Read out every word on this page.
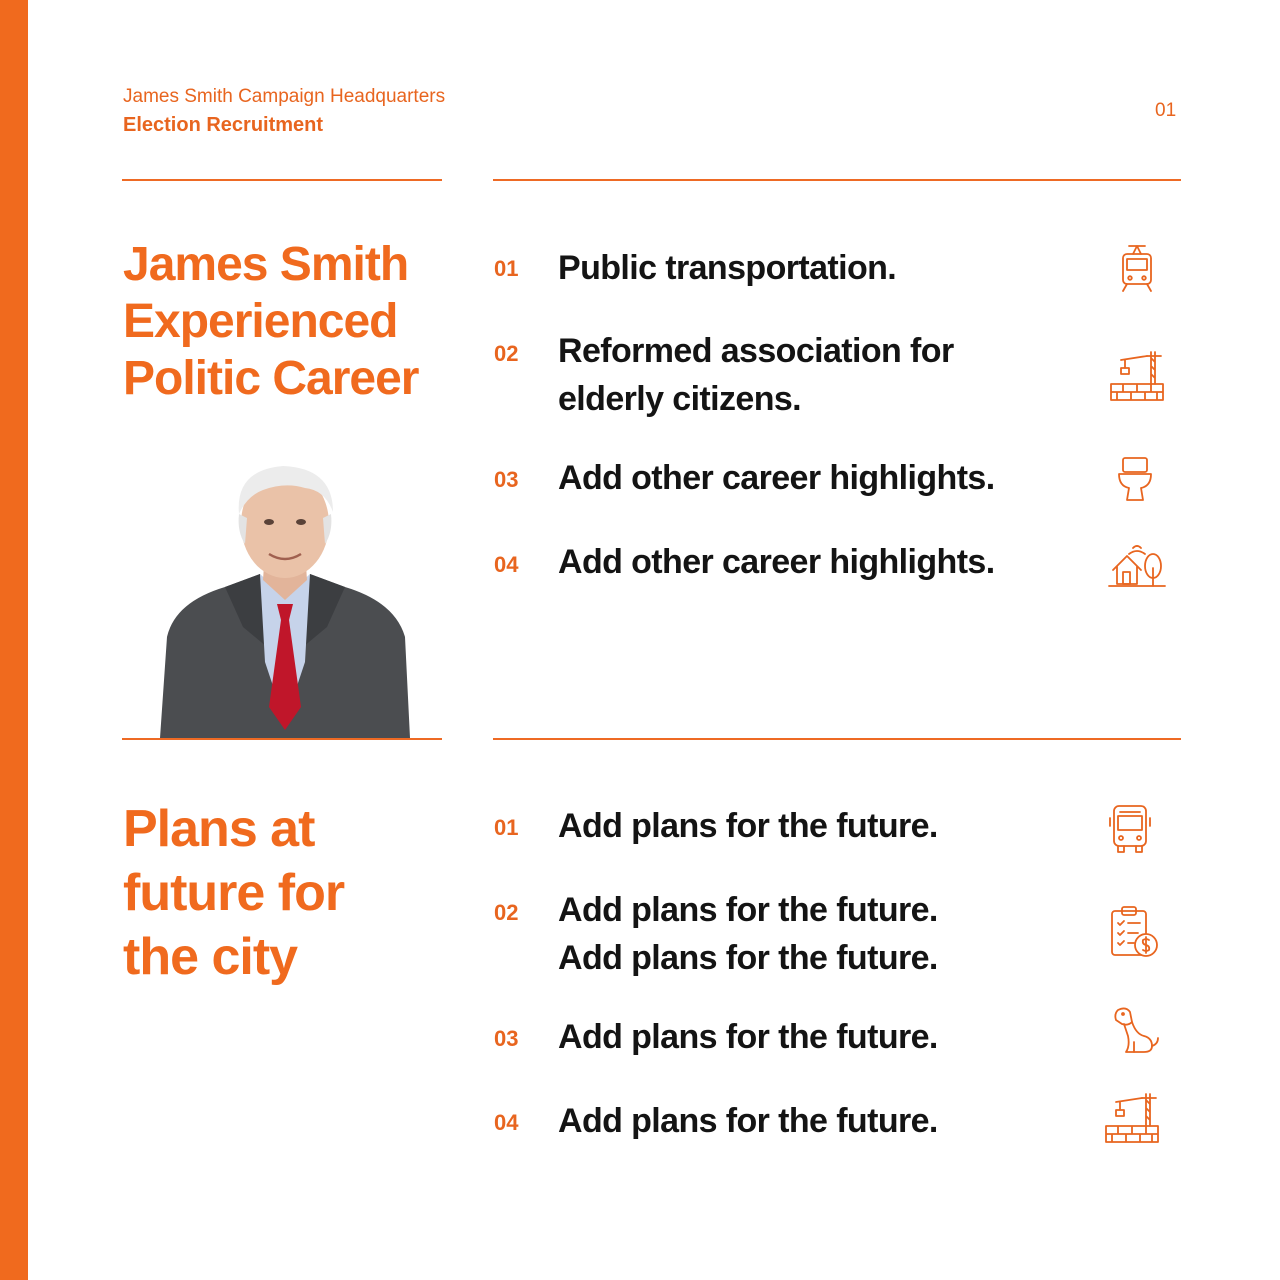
James Smith Campaign Headquarters
Election Recruitment
01
James Smith
Experienced
Politic Career
01 Public transportation.
02 Reformed association for
elderly citizens.
03 Add other career highlights.
04 Add other career highlights.
Plans at
future for
the city
01 Add plans for the future.
02 Add plans for the future.
Add plans for the future.
03 Add plans for the future.
04 Add plans for the future.
